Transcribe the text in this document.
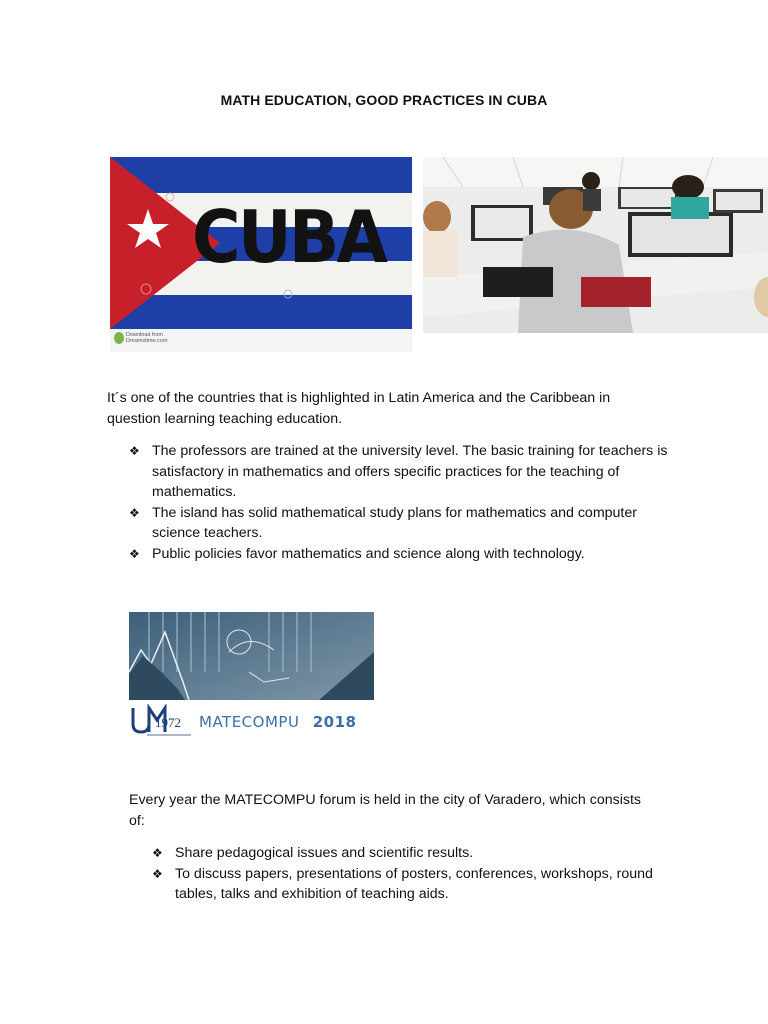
MATH EDUCATION, GOOD PRACTICES IN CUBA
CUBA
Download from
Dreamstime.com
It´s one of the countries that is highlighted in Latin America and the Caribbean in question learning teaching education.
❖ The professors are trained at the university level. The basic training for teachers is satisfactory in mathematics and offers specific practices for the teaching of mathematics.
❖ The island has solid mathematical study plans for mathematics and computer science teachers.
❖ Public policies favor mathematics and science along with technology.
1972 MATECOMPU 2018
Every year the MATECOMPU forum is held in the city of Varadero, which consists of:
❖ Share pedagogical issues and scientific results.
❖ To discuss papers, presentations of posters, conferences, workshops, round tables, talks and exhibition of teaching aids.
